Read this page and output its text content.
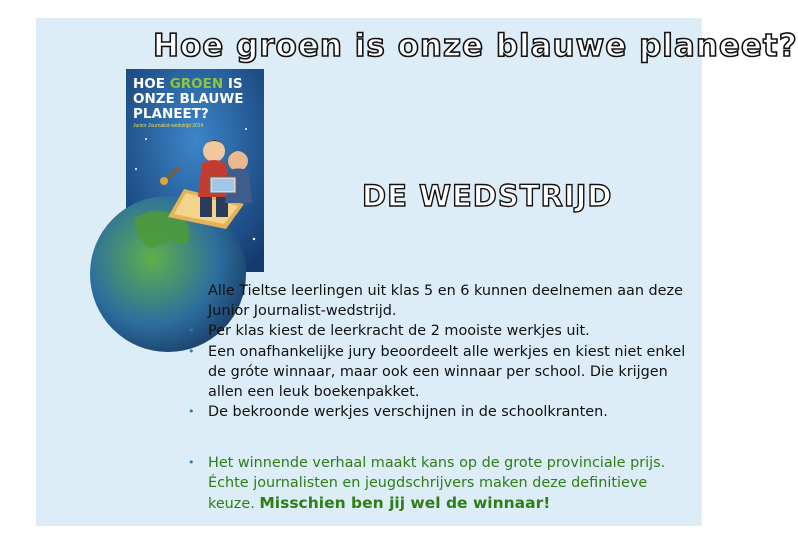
Hoe groen is onze blauwe planeet?
HOE GROEN IS
ONZE BLAUWE
PLANEET?
Junior Journalist-wedstrijd 2014
DE WEDSTRIJD
• Alle Tieltse leerlingen uit klas 5 en 6 kunnen deelnemen aan deze Junior Journalist-wedstrijd.
• Per klas kiest de leerkracht de 2 mooiste werkjes uit.
• Een onafhankelijke jury beoordeelt alle werkjes en kiest niet enkel de gróte winnaar, maar ook een winnaar per school. Die krijgen allen een leuk boekenpakket.
• De bekroonde werkjes verschijnen in de schoolkranten.
• Het winnende verhaal maakt kans op de grote provinciale prijs. Échte journalisten en jeugdschrijvers maken deze definitieve keuze. Misschien ben jij wel de winnaar!
